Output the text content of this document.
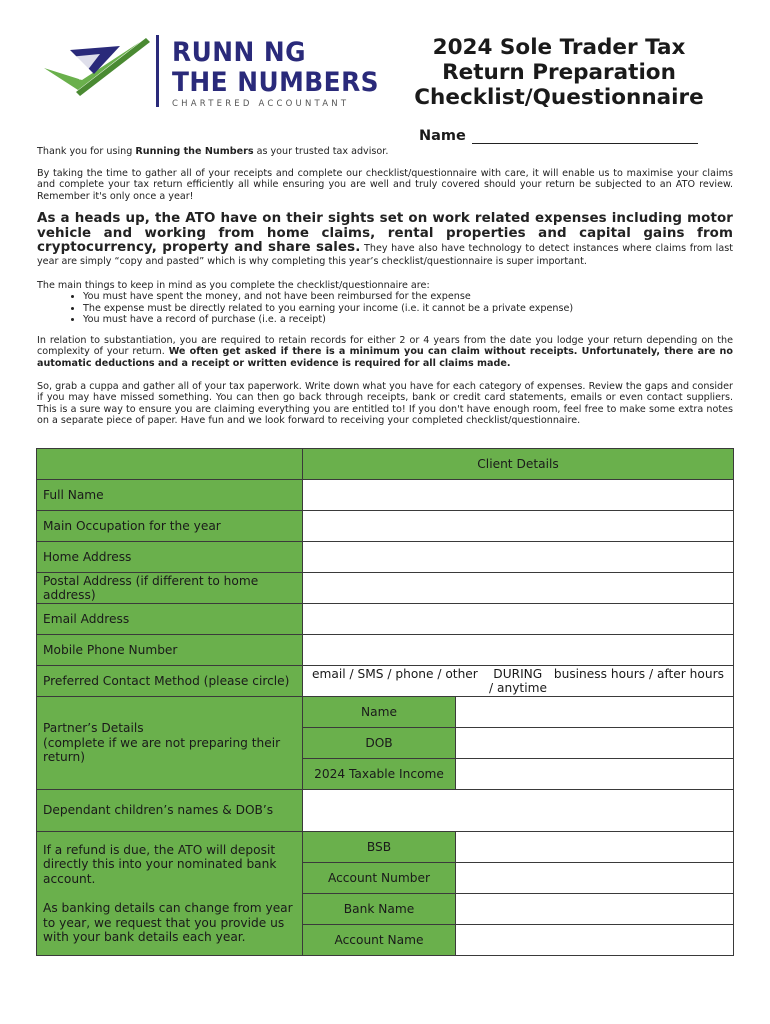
RUNN NG
THE NUMBERS
CHARTERED ACCOUNTANT
2024 Sole Trader Tax
Return Preparation
Checklist/Questionnaire
Name
Thank you for using Running the Numbers as your trusted tax advisor.
By taking the time to gather all of your receipts and complete our checklist/questionnaire with care, it will enable us to maximise your claims and complete your tax return efficiently all while ensuring you are well and truly covered should your return be subjected to an ATO review. Remember it's only once a year!
As a heads up, the ATO have on their sights set on work related expenses including motor vehicle and working from home claims, rental properties and capital gains from cryptocurrency, property and share sales. They have also have technology to detect instances where claims from last year are simply “copy and pasted” which is why completing this year’s checklist/questionnaire is super important.
The main things to keep in mind as you complete the checklist/questionnaire are:
• You must have spent the money, and not have been reimbursed for the expense
• The expense must be directly related to you earning your income (i.e. it cannot be a private expense)
• You must have a record of purchase (i.e. a receipt)
In relation to substantiation, you are required to retain records for either 2 or 4 years from the date you lodge your return depending on the complexity of your return. We often get asked if there is a minimum you can claim without receipts. Unfortunately, there are no automatic deductions and a receipt or written evidence is required for all claims made.
So, grab a cuppa and gather all of your tax paperwork. Write down what you have for each category of expenses. Review the gaps and consider if you may have missed something. You can then go back through receipts, bank or credit card statements, emails or even contact suppliers. This is a sure way to ensure you are claiming everything you are entitled to! If you don't have enough room, feel free to make some extra notes on a separate piece of paper. Have fun and we look forward to receiving your completed checklist/questionnaire.
	Client Details	
Full Name		
Main Occupation for the year		
Home Address		
Postal Address (if different to home address)		
Email Address		
Mobile Phone Number		
Preferred Contact Method (please circle)	email / SMS / phone / other    DURING   business hours / after hours / anytime	
Partner’s Details
(complete if we are not preparing their return)	Name	
	DOB	
	2024 Taxable Income	
Dependant children’s names & DOB’s		

If a refund is due, the ATO will deposit directly this into your nominated bank account.
As banking details can change from year to year, we request that you provide us with your bank details each year.	BSB	
	Account Number	
	Bank Name	
	Account Name	
